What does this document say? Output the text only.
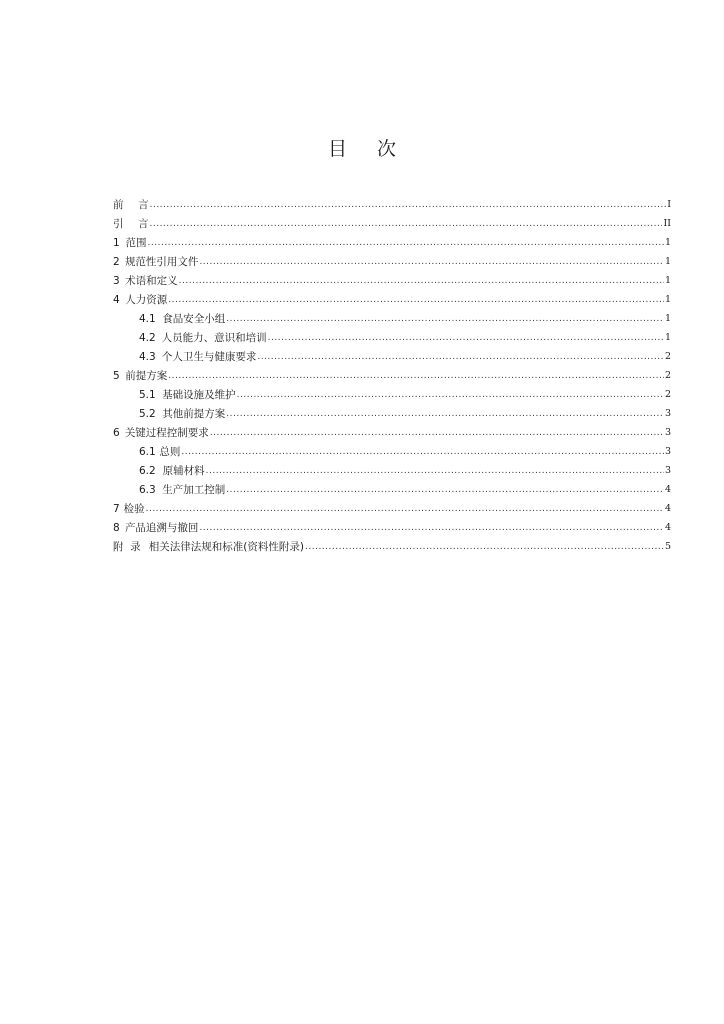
目 次
前 言 .....	I
引 言 .....	II
1 范围 .....	1
2 规范性引用文件 .....	1
3 术语和定义 .....	1
4 人力资源 .....	1
4.1 食品安全小组 .....	1
4.2 人员能力、意识和培训 .....	1
4.3 个人卫生与健康要求 .....	2
5 前提方案 .....	2
5.1 基础设施及维护 .....	2
5.2 其他前提方案 .....	3
6 关键过程控制要求 .....	3
6.1 总则 .....	3
6.2 原辅材料 .....	3
6.3 生产加工控制 .....	4
7 检验 .....	4
8 产品追溯与撤回 .....	4
附  录 相关法律法规和标准(资料性附录) .....	5
